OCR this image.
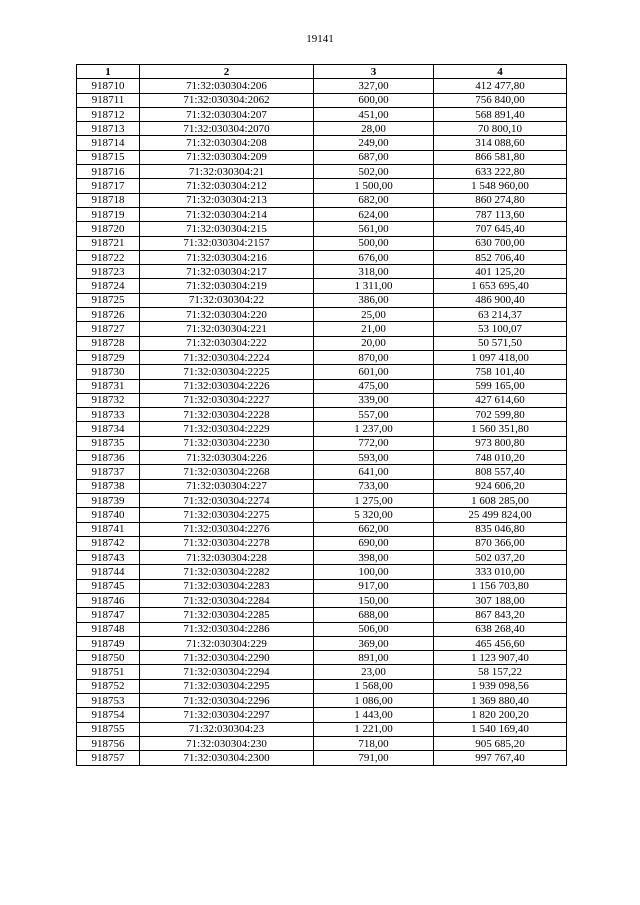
19141
1	2	3	4
918710	71:32:030304:206	327,00	412 477,80
918711	71:32:030304:2062	600,00	756 840,00
918712	71:32:030304:207	451,00	568 891,40
918713	71:32:030304:2070	28,00	70 800,10
918714	71:32:030304:208	249,00	314 088,60
918715	71:32:030304:209	687,00	866 581,80
918716	71:32:030304:21	502,00	633 222,80
918717	71:32:030304:212	1 500,00	1 548 960,00
918718	71:32:030304:213	682,00	860 274,80
918719	71:32:030304:214	624,00	787 113,60
918720	71:32:030304:215	561,00	707 645,40
918721	71:32:030304:2157	500,00	630 700,00
918722	71:32:030304:216	676,00	852 706,40
918723	71:32:030304:217	318,00	401 125,20
918724	71:32:030304:219	1 311,00	1 653 695,40
918725	71:32:030304:22	386,00	486 900,40
918726	71:32:030304:220	25,00	63 214,37
918727	71:32:030304:221	21,00	53 100,07
918728	71:32:030304:222	20,00	50 571,50
918729	71:32:030304:2224	870,00	1 097 418,00
918730	71:32:030304:2225	601,00	758 101,40
918731	71:32:030304:2226	475,00	599 165,00
918732	71:32:030304:2227	339,00	427 614,60
918733	71:32:030304:2228	557,00	702 599,80
918734	71:32:030304:2229	1 237,00	1 560 351,80
918735	71:32:030304:2230	772,00	973 800,80
918736	71:32:030304:226	593,00	748 010,20
918737	71:32:030304:2268	641,00	808 557,40
918738	71:32:030304:227	733,00	924 606,20
918739	71:32:030304:2274	1 275,00	1 608 285,00
918740	71:32:030304:2275	5 320,00	25 499 824,00
918741	71:32:030304:2276	662,00	835 046,80
918742	71:32:030304:2278	690,00	870 366,00
918743	71:32:030304:228	398,00	502 037,20
918744	71:32:030304:2282	100,00	333 010,00
918745	71:32:030304:2283	917,00	1 156 703,80
918746	71:32:030304:2284	150,00	307 188,00
918747	71:32:030304:2285	688,00	867 843,20
918748	71:32:030304:2286	506,00	638 268,40
918749	71:32:030304:229	369,00	465 456,60
918750	71:32:030304:2290	891,00	1 123 907,40
918751	71:32:030304:2294	23,00	58 157,22
918752	71:32:030304:2295	1 568,00	1 939 098,56
918753	71:32:030304:2296	1 086,00	1 369 880,40
918754	71:32:030304:2297	1 443,00	1 820 200,20
918755	71:32:030304:23	1 221,00	1 540 169,40
918756	71:32:030304:230	718,00	905 685,20
918757	71:32:030304:2300	791,00	997 767,40
